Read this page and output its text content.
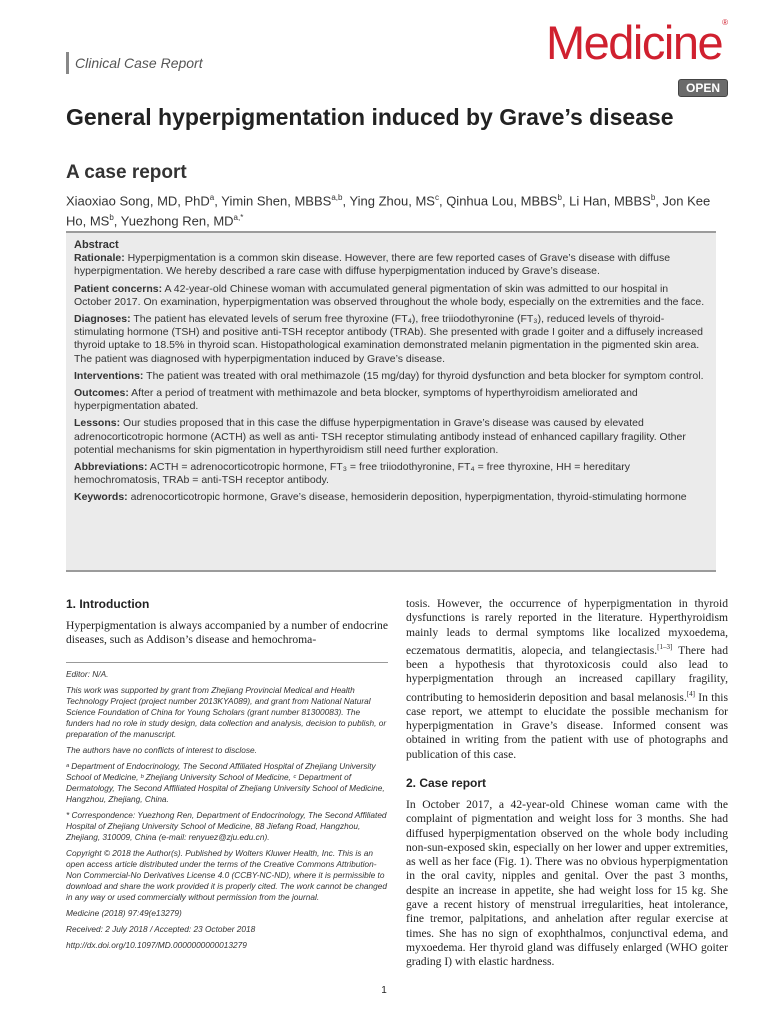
Clinical Case Report	Medicine®
OPEN
General hyperpigmentation induced by Grave’s disease
A case report
Xiaoxiao Song, MD, PhD$^a$, Yimin Shen, MBBS$^{a,b}$, Ying Zhou, $MS^c$, Qinhua Lou, MBBS$^b$, Li Han, MBBS$^b$, Jon Kee Ho, $MS^b$, Yuezhong Ren, $MD^{a,*}$
Abstract

Rationale: Hyperpigmentation is a common skin disease. However, there are few reported cases of Grave’s disease with diffuse hyperpigmentation. We hereby described a rare case with diffuse hyperpigmentation induced by Grave’s disease.

Patient concerns: A 42-year-old Chinese woman with accumulated general pigmentation of skin was admitted to our hospital in October 2017. On examination, hyperpigmentation was observed throughout the whole body, especially on the extremities and the face.

Diagnoses: The patient has elevated levels of serum free thyroxine (FT₄), free triiodothyronine (FT₃), reduced levels of thyroid-stimulating hormone (TSH) and positive anti-TSH receptor antibody (TRAb). She presented with grade I goiter and a diffusely increased thyroid uptake to 18.5% in thyroid scan. Histopathological examination demonstrated melanin pigmentation in the pigmented skin area. The patient was diagnosed with hyperpigmentation induced by Grave’s disease.

Interventions: The patient was treated with oral methimazole (15 mg/day) for thyroid dysfunction and beta blocker for symptom control.

Outcomes: After a period of treatment with methimazole and beta blocker, symptoms of hyperthyroidism ameliorated and hyperpigmentation abated.

Lessons: Our studies proposed that in this case the diffuse hyperpigmentation in Grave’s disease was caused by elevated adrenocorticotropic hormone (ACTH) as well as anti- TSH receptor stimulating antibody instead of enhanced capillary fragility. Other potential mechanisms for skin pigmentation in hyperthyroidism still need further exploration.

Abbreviations: ACTH = adrenocorticotropic hormone, FT₃ = free triiodothyronine, FT₄ = free thyroxine, HH = hereditary hemochromatosis, TRAb = anti-TSH receptor antibody.

Keywords: adrenocorticotropic hormone, Grave’s disease, hemosiderin deposition, hyperpigmentation, thyroid-stimulating hormone

1. Introduction

Hyperpigmentation is always accompanied by a number of endocrine diseases, such as Addison’s disease and hemochroma-

Editor: N/A.

This work was supported by grant from Zhejiang Provincial Medical and Health Technology Project (project number 2013KYA089), and grant from National Natural Science Foundation of China for Young Scholars (grant number 81300083). The funders had no role in study design, data collection and analysis, decision to publish, or preparation of the manuscript.

The authors have no conflicts of interest to disclose.

ᵃ Department of Endocrinology, The Second Affiliated Hospital of Zhejiang University School of Medicine, ᵇ Zhejiang University School of Medicine, ᶜ Department of Dermatology, The Second Affiliated Hospital of Zhejiang University School of Medicine, Hangzhou, Zhejiang, China.

* Correspondence: Yuezhong Ren, Department of Endocrinology, The Second Affiliated Hospital of Zhejiang University School of Medicine, 88 Jiefang Road, Hangzhou, Zhejiang, 310009, China (e-mail: renyuez@zju.edu.cn).

Copyright © 2018 the Author(s). Published by Wolters Kluwer Health, Inc. This is an open access article distributed under the terms of the Creative Commons Attribution-Non Commercial-No Derivatives License 4.0 (CCBY-NC-ND), where it is permissible to download and share the work provided it is properly cited. The work cannot be changed in any way or used commercially without permission from the journal.

Medicine (2018) 97:49(e13279)

Received: 2 July 2018 / Accepted: 23 October 2018

http://dx.doi.org/10.1097/MD.0000000000013279

tosis. However, the occurrence of hyperpigmentation in thyroid dysfunctions is rarely reported in the literature. Hyperthyroidism mainly leads to dermal symptoms like localized myxoedema, eczematous dermatitis, alopecia, and telangiectasis.[1–3] There had been a hypothesis that thyrotoxicosis could also lead to hyperpigmentation through an increased capillary fragility, contributing to hemosiderin deposition and basal melanosis.[4] In this case report, we attempt to elucidate the possible mechanism for hyperpigmentation in Grave’s disease. Informed consent was obtained in writing from the patient with use of photographs and publication of this case.

2. Case report

In October 2017, a 42-year-old Chinese woman came with the complaint of pigmentation and weight loss for 3 months. She had diffused hyperpigmentation observed on the whole body including non-sun-exposed skin, especially on her lower and upper extremities, as well as her face (Fig. 1). There was no obvious hyperpigmentation in the oral cavity, nipples and genital. Over the past 3 months, despite an increase in appetite, she had weight loss for 15 kg. She gave a recent history of menstrual irregularities, heat intolerance, fine tremor, palpitations, and anhelation after regular exercise at times. She has no sign of exophthalmos, conjunctival edema, and myxoedema. Her thyroid gland was diffusely enlarged (WHO goiter grading I) with elastic hardness.

1
